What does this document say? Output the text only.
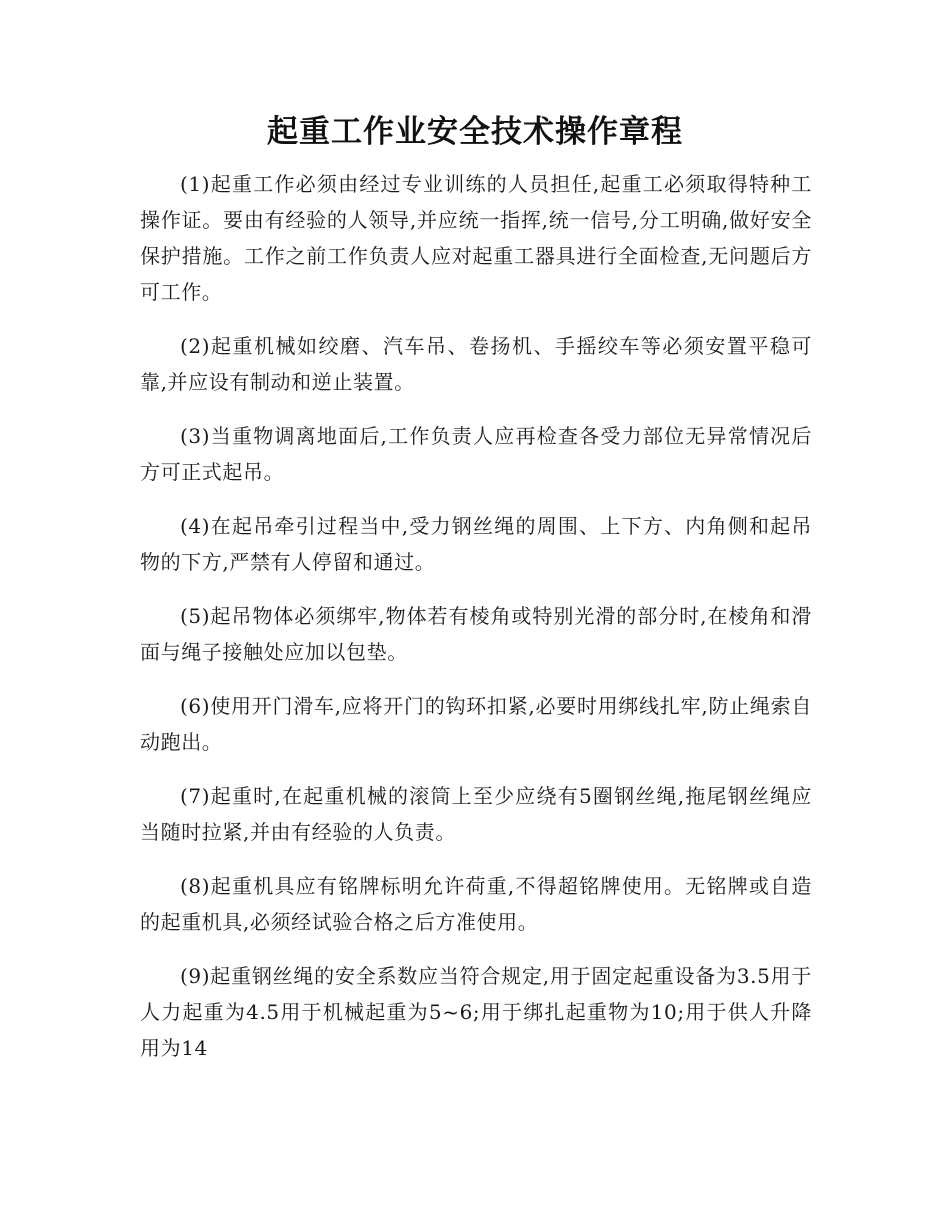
起重工作业安全技术操作章程

(1)起重工作必须由经过专业训练的人员担任,起重工必须取得特种工操作证。要由有经验的人领导,并应统一指挥,统一信号,分工明确,做好安全保护措施。工作之前工作负责人应对起重工器具进行全面检查,无问题后方可工作。

(2)起重机械如绞磨、汽车吊、卷扬机、手摇绞车等必须安置平稳可靠,并应设有制动和逆止装置。

(3)当重物调离地面后,工作负责人应再检查各受力部位无异常情况后方可正式起吊。

(4)在起吊牵引过程当中,受力钢丝绳的周围、上下方、内角侧和起吊物的下方,严禁有人停留和通过。

(5)起吊物体必须绑牢,物体若有棱角或特别光滑的部分时,在棱角和滑面与绳子接触处应加以包垫。

(6)使用开门滑车,应将开门的钩环扣紧,必要时用绑线扎牢,防止绳索自动跑出。

(7)起重时,在起重机械的滚筒上至少应绕有5圈钢丝绳,拖尾钢丝绳应当随时拉紧,并由有经验的人负责。

(8)起重机具应有铭牌标明允许荷重,不得超铭牌使用。无铭牌或自造的起重机具,必须经试验合格之后方准使用。

(9)起重钢丝绳的安全系数应当符合规定,用于固定起重设备为3.5用于人力起重为4.5用于机械起重为5~6;用于绑扎起重物为10;用于供人升降用为14
